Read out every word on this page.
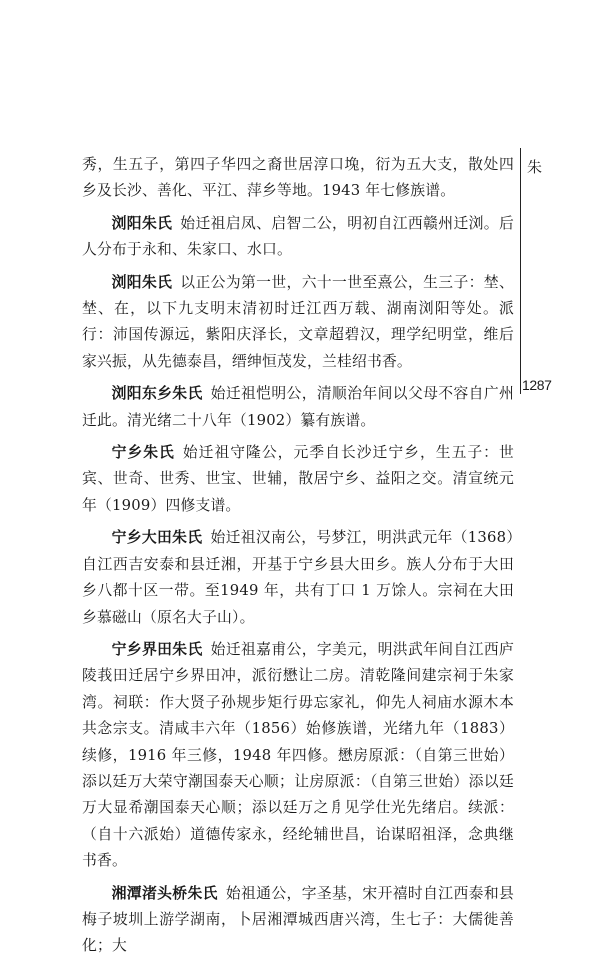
朱
1287

秀，生五子，第四子华四之裔世居淳口堍，衍为五大支，散处四乡及长沙、善化、平江、萍乡等地。1943 年七修族谱。

浏阳朱氏 始迁祖启凤、启智二公，明初自江西赣州迁浏。后人分布于永和、朱家口、水口。

浏阳朱氏 以正公为第一世，六十一世至熹公，生三子：埜、埜、在，以下九支明末清初时迁江西万载、湖南浏阳等处。派行：沛国传源远，紫阳庆泽长，文章超碧汉，理学纪明堂，维后家兴振，从先德泰昌，缙绅恒茂发，兰桂绍书香。

浏阳东乡朱氏 始迁祖恺明公，清顺治年间以父母不容自广州迁此。清光绪二十八年（1902）纂有族谱。

宁乡朱氏 始迁祖守隆公，元季自长沙迁宁乡，生五子：世宾、世奇、世秀、世宝、世辅，散居宁乡、益阳之交。清宣统元年（1909）四修支谱。

宁乡大田朱氏 始迁祖汉南公，号梦江，明洪武元年（1368）自江西吉安泰和县迁湘，开基于宁乡县大田乡。族人分布于大田乡八都十区一带。至1949 年，共有丁口 1 万馀人。宗祠在大田乡慕磁山（原名大子山）。

宁乡界田朱氏 始迁祖嘉甫公，字美元，明洪武年间自江西庐陵莪田迁居宁乡界田冲，派衍懋让二房。清乾隆间建宗祠于朱家湾。祠联：作大贤子孙规步矩行毋忘家礼，仰先人祠庙水源木本共念宗支。清咸丰六年（1856）始修族谱，光绪九年（1883）续修，1916 年三修，1948 年四修。懋房原派：（自第三世始）添以廷万大荣守潮国泰天心顺；让房原派：（自第三世始）添以廷万大显希潮国泰天心顺；添以廷万之㐆见学仕光先绪启。续派：（自十六派始）道德传家永，经纶辅世昌，诒谋昭祖泽，念典继书香。

湘潭渚头桥朱氏 始祖通公，字圣基，宋开禧时自江西泰和县梅子坡圳上游学湖南，卜居湘潭城西唐兴湾，生七子：大儒徙善化；大
